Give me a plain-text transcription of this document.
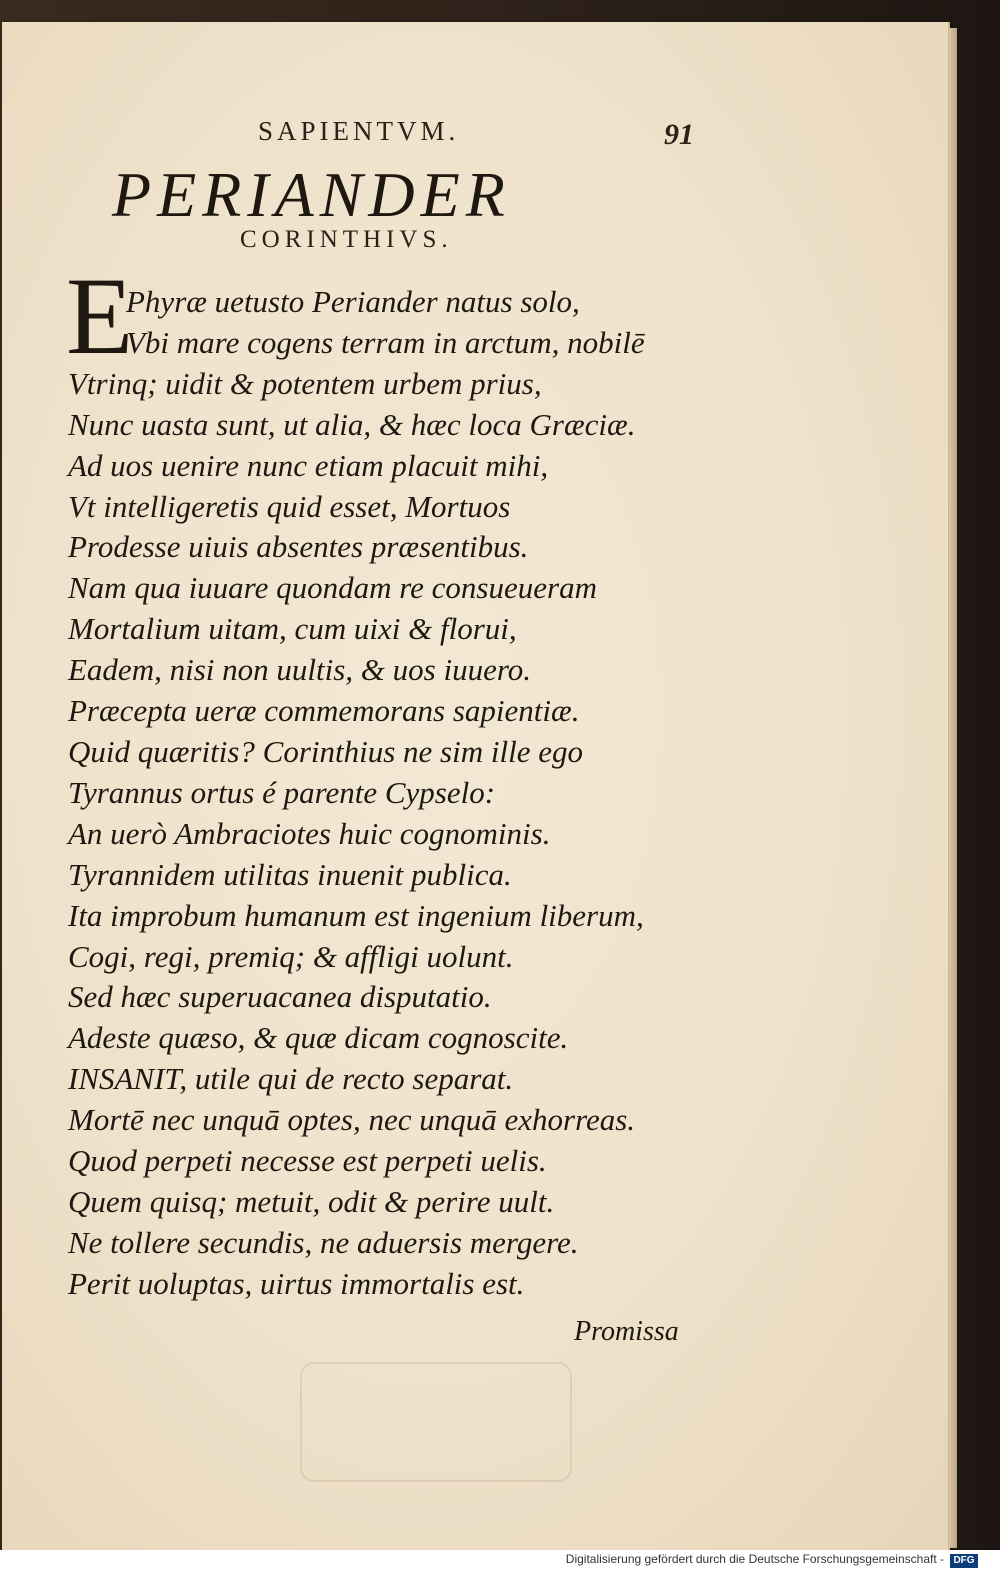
SAPIENTVM.	91
PERIANDER
CORINTHIVS.
E
Phyræ uetusto Periander natus solo,
Vbi mare cogens terram in arctum, nobilē
Vtrinq; uidit & potentem urbem prius,
Nunc uasta sunt, ut alia, & hæc loca Græciæ.
Ad uos uenire nunc etiam placuit mihi,
Vt intelligeretis quid esset, Mortuos
Prodesse uiuis absentes præsentibus.
Nam qua iuuare quondam re consueueram
Mortalium uitam, cum uixi & florui,
Eadem, nisi non uultis, & uos iuuero.
Præcepta ueræ commemorans sapientiæ.
Quid quæritis? Corinthius ne sim ille ego
Tyrannus ortus é parente Cypselo:
An uerò Ambraciotes huic cognominis.
Tyrannidem utilitas inuenit publica.
Ita improbum humanum est ingenium liberum,
Cogi, regi, premiq; & affligi uolunt.
Sed hæc superuacanea disputatio.
Adeste quæso, & quæ dicam cognoscite.
INSANIT, utile qui de recto separat.
Mortē nec unquā optes, nec unquā exhorreas.
Quod perpeti necesse est perpeti uelis.
Quem quisq; metuit, odit & perire uult.
Ne tollere secundis, ne aduersis mergere.
Perit uoluptas, uirtus immortalis est.
Promissa
Digitalisierung gefördert durch die Deutsche Forschungsgemeinschaft - DFG
